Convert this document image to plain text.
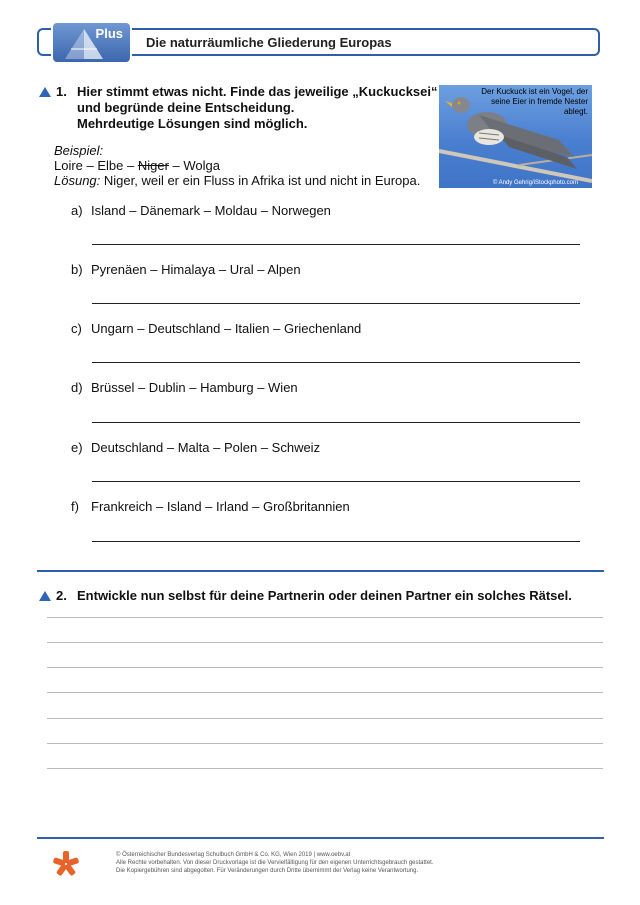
Plus
Die naturräumliche Gliederung Europas
1. Hier stimmt etwas nicht. Finde das jeweilige „Kuckucksei“
und begründe deine Entscheidung.
Mehrdeutige Lösungen sind möglich.
Der Kuckuck ist ein Vogel, der seine Eier in fremde Nester ablegt.
© Andy Gehrig/iStockphoto.com
Beispiel:
Loire – Elbe – Niger – Wolga
Lösung: Niger, weil er ein Fluss in Afrika ist und nicht in Europa.
a) Island – Dänemark – Moldau – Norwegen
b) Pyrenäen – Himalaya – Ural – Alpen
c) Ungarn – Deutschland – Italien – Griechenland
d) Brüssel – Dublin – Hamburg – Wien
e) Deutschland – Malta – Polen – Schweiz
f) Frankreich – Island – Irland – Großbritannien
2. Entwickle nun selbst für deine Partnerin oder deinen Partner ein solches Rätsel.
© Österreichischer Bundesverlag Schulbuch GmbH & Co. KG, Wien 2019 | www.oebv.at
Alle Rechte vorbehalten. Von dieser Druckvorlage ist die Vervielfältigung für den eigenen Unterrichtsgebrauch gestattet.
Die Kopiergebühren sind abgegolten. Für Veränderungen durch Dritte übernimmt der Verlag keine Verantwortung.
